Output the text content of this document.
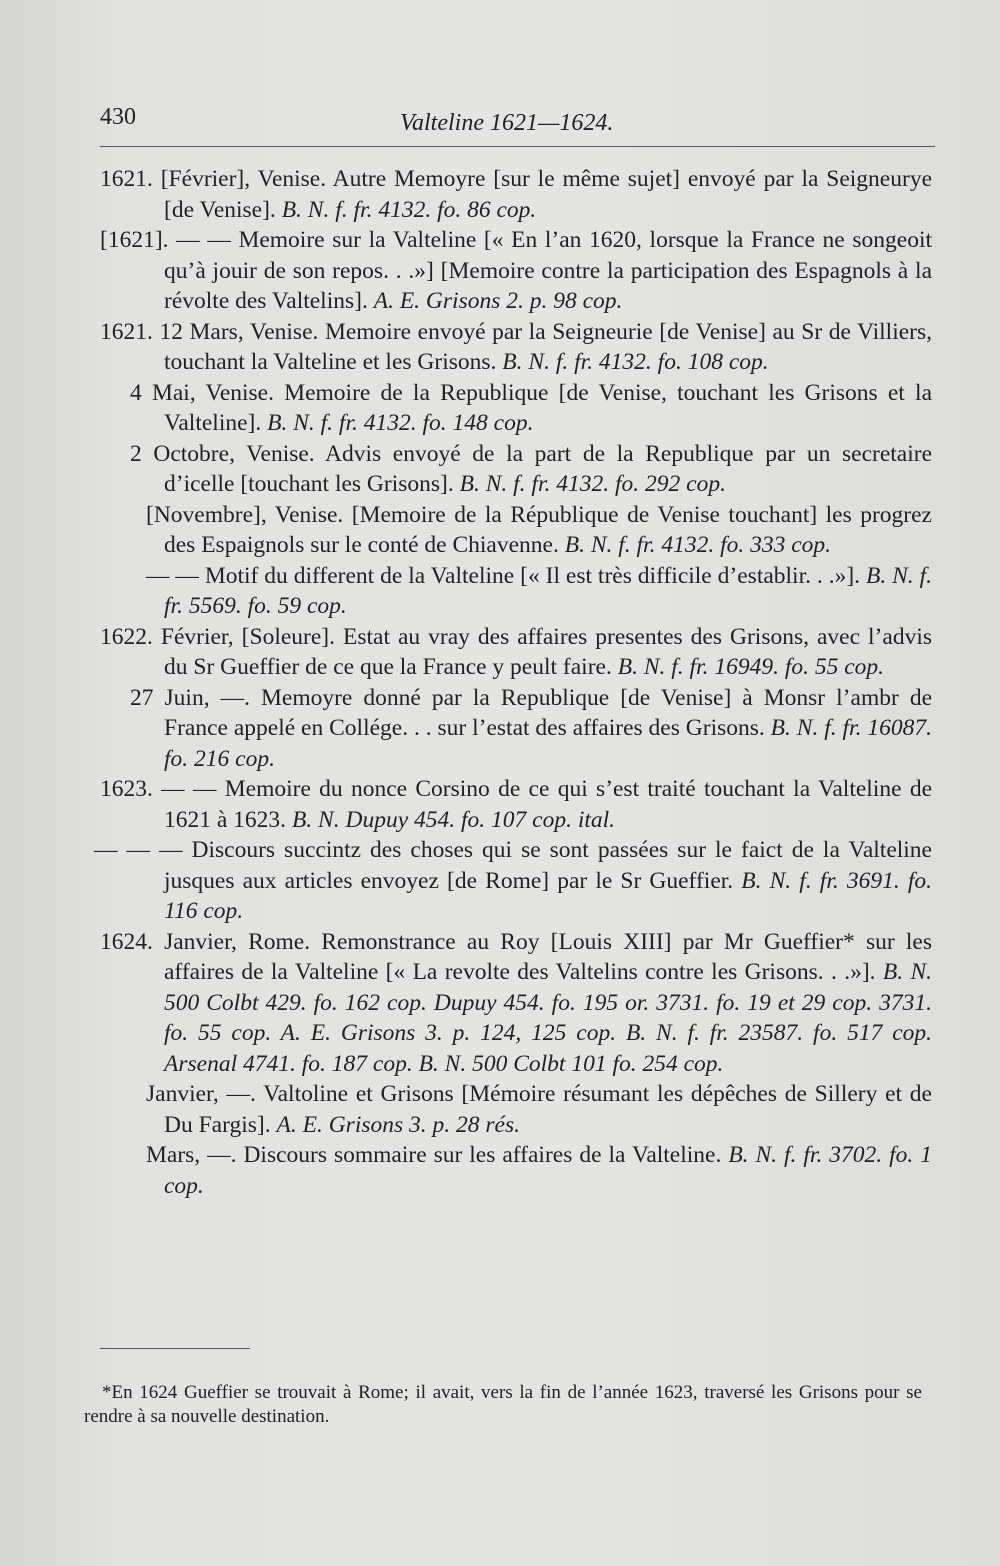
430	Valteline 1621—1624.

1621. [Février], Venise. Autre Memoyre [sur le même sujet] envoyé par la Seigneurye [de Venise]. B. N. f. fr. 4132. fo. 86 cop.

[1621]. — — Memoire sur la Valteline [« En l’an 1620, lorsque la France ne songeoit qu’à jouir de son repos. . .»] [Memoire contre la participation des Espagnols à la révolte des Valtelins]. A. E. Grisons 2. p. 98 cop.

1621. 12 Mars, Venise. Memoire envoyé par la Seigneurie [de Venise] au Sr de Villiers, touchant la Valteline et les Grisons. B. N. f. fr. 4132. fo. 108 cop.

4 Mai, Venise. Memoire de la Republique [de Venise, touchant les Grisons et la Valteline]. B. N. f. fr. 4132. fo. 148 cop.

2 Octobre, Venise. Advis envoyé de la part de la Republique par un secretaire d’icelle [touchant les Grisons]. B. N. f. fr. 4132. fo. 292 cop.

[Novembre], Venise. [Memoire de la République de Venise touchant] les progrez des Espaignols sur le conté de Chiavenne. B. N. f. fr. 4132. fo. 333 cop.

— — Motif du different de la Valteline [« Il est très difficile d’establir. . .»]. B. N. f. fr. 5569. fo. 59 cop.

1622. Février, [Soleure]. Estat au vray des affaires presentes des Grisons, avec l’advis du Sr Gueffier de ce que la France y peult faire. B. N. f. fr. 16949. fo. 55 cop.

27 Juin, —. Memoyre donné par la Republique [de Venise] à Monsr l’ambr de France appelé en Collége. . . sur l’estat des affaires des Grisons. B. N. f. fr. 16087. fo. 216 cop.

1623. — — Memoire du nonce Corsino de ce qui s’est traité touchant la Valteline de 1621 à 1623. B. N. Dupuy 454. fo. 107 cop. ital.

— — — Discours succintz des choses qui se sont passées sur le faict de la Valteline jusques aux articles envoyez [de Rome] par le Sr Gueffier. B. N. f. fr. 3691. fo. 116 cop.

1624. Janvier, Rome. Remonstrance au Roy [Louis XIII] par Mr Gueffier* sur les affaires de la Valteline [« La revolte des Valtelins contre les Grisons. . .»]. B. N. 500 Colbt 429. fo. 162 cop. Dupuy 454. fo. 195 or. 3731. fo. 19 et 29 cop. 3731. fo. 55 cop. A. E. Grisons 3. p. 124, 125 cop. B. N. f. fr. 23587. fo. 517 cop. Arsenal 4741. fo. 187 cop. B. N. 500 Colbt 101 fo. 254 cop.

Janvier, —. Valtoline et Grisons [Mémoire résumant les dépêches de Sillery et de Du Fargis]. A. E. Grisons 3. p. 28 rés.

Mars, —. Discours sommaire sur les affaires de la Valteline. B. N. f. fr. 3702. fo. 1 cop.

*En 1624 Gueffier se trouvait à Rome; il avait, vers la fin de l’année 1623, traversé les Grisons pour se rendre à sa nouvelle destination.
